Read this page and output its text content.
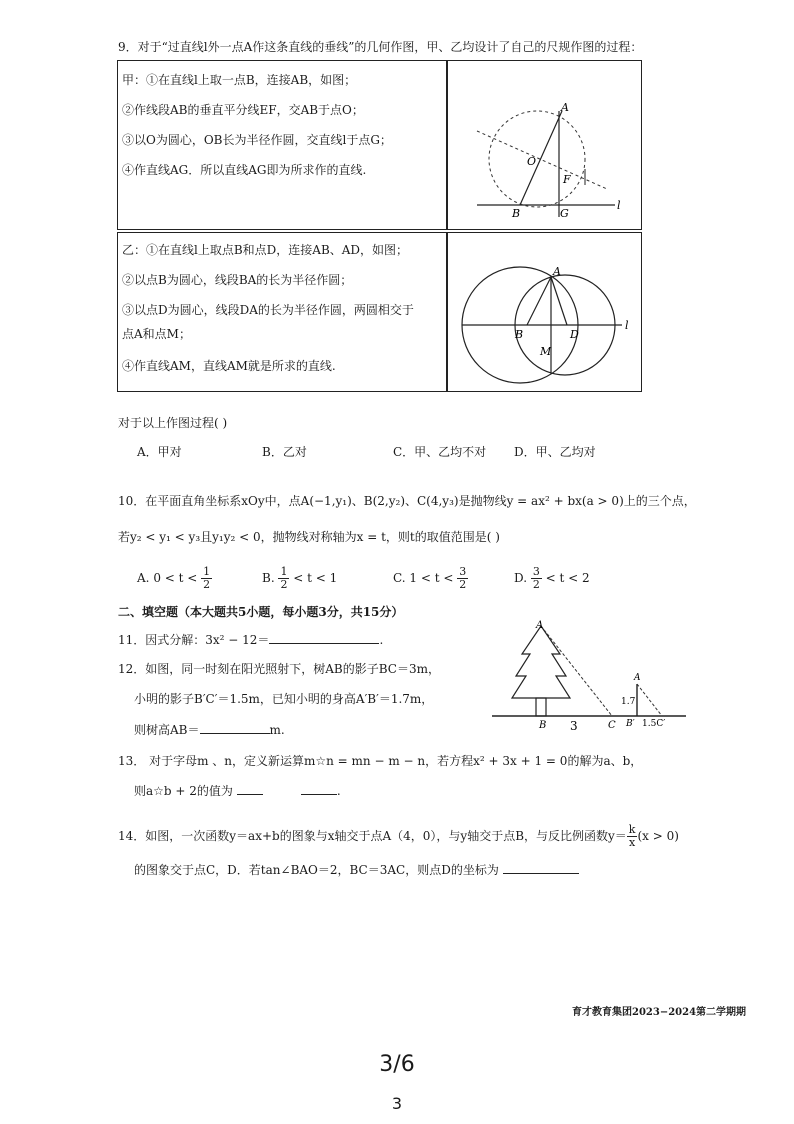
9．对于“过直线l外一点A作这条直线的垂线”的几何作图，甲、乙均设计了自己的尺规作图的过程：
甲：①在直线l上取一点B，连接AB，如图；
②作线段AB的垂直平分线EF，交AB于点O；
③以O为圆心，OB长为半径作圆，交直线l于点G；
④作直线AG．所以直线AG即为所求作的直线.
A
O
F
B	G
l
乙：①在直线l上取点B和点D，连接AB、AD，如图；
②以点B为圆心，线段BA的长为半径作圆；
③以点D为圆心，线段DA的长为半径作圆，两圆相交于
点A和点M；
④作直线AM，直线AM就是所求的直线.
A
B	D
M
l
对于以上作图过程( )
A．甲对	B．乙对	C．甲、乙均不对 D．甲、乙均对
10．在平面直角坐标系xOy中，点A(−1,y₁)、B(2,y₂)、C(4,y₃)是抛物线y = ax² + bx(a > 0)上的三个点，
若y₂ < y₁ < y₃且y₁y₂ < 0，抛物线对称轴为x = t，则t的取值范围是( )
A. $0 < t < \frac{1}{2}$	B. $\frac{1}{2} < t < 1$	C. $1 < t < \frac{3}{2}$	D. $\frac{3}{2} < t < 2$
二、填空题（本大题共5小题，每小题3分，共15分）
11．因式分解：3x² − 12＝	.
12．如图，同一时刻在阳光照射下，树AB的影子BC＝3m，
小明的影子B′C′＝1.5m，已知小明的身高A′B′＝1.7m，
则树高AB＝	m.
A
B 3	C
A
1.7
B′ 1.5C′
13． 对于字母m 、n，定义新运算m☆n = mn − m − n，若方程x² + 3x + 1 = 0的解为a、b，
则a☆b + 2的值为	.
14．如图，一次函数y＝ax+b的图象与x轴交于点A（4，0），与y轴交于点B，与反比例函数$y= \frac{k}{x} (x > 0)$
的图象交于点C，D．若tan∠BAO＝2，BC＝3AC，则点D的坐标为
育才教育集团2023−2024第二学期期
3/6
3
